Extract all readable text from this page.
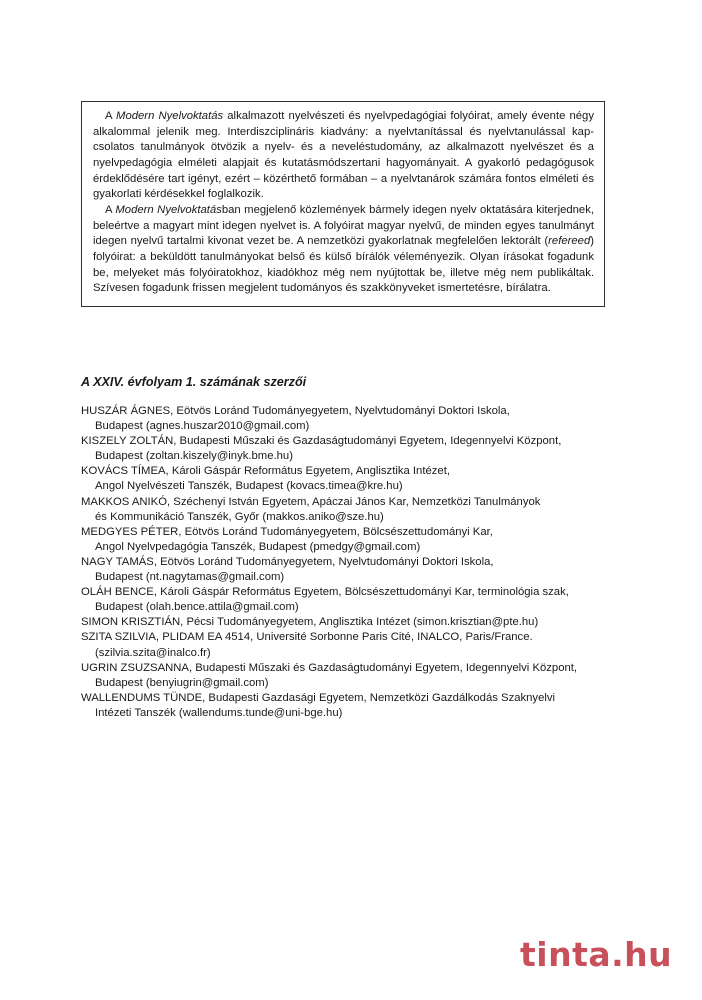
A Modern Nyelvoktatás alkalmazott nyelvészeti és nyelvpedagógiai folyóirat, amely évente négy alkalommal jelenik meg. Interdiszciplináris kiadvány: a nyelvtanítással és nyelvtanulással kapcsolatos tanulmányok ötvözik a nyelv- és a neveléstudomány, az alkalmazott nyelvészet és a nyelvpedagógia elméleti alapjait és kutatásmódszertani hagyományait. A gyakorló pedagógusok érdeklődésére tart igényt, ezért – közérthető formában – a nyelvtanárok számára fontos elméleti és gyakorlati kérdésekkel foglalkozik.

A Modern Nyelvoktatásban megjelenő közlemények bármely idegen nyelv oktatására kiterjednek, beleértve a magyart mint idegen nyelvet is. A folyóirat magyar nyelvű, de minden egyes tanulmányt idegen nyelvű tartalmi kivonat vezet be. A nemzetközi gyakorlatnak megfelelően lektorált (refereed) folyóirat: a beküldött tanulmányokat belső és külső bírálók véleményezik. Olyan írásokat fogadunk be, melyeket más folyóiratokhoz, kiadókhoz még nem nyújtottak be, illetve még nem publikáltak. Szívesen fogadunk frissen megjelent tudományos és szakkönyveket ismertetésre, bírálatra.

A XXIV. évfolyam 1. számának szerzői
HUSZÁR ÁGNES, Eötvös Loránd Tudományegyetem, Nyelvtudományi Doktori Iskola,
Budapest (agnes.huszar2010@gmail.com)
KISZELY ZOLTÁN, Budapesti Műszaki és Gazdaságtudományi Egyetem, Idegennyelvi Központ,
Budapest (zoltan.kiszely@inyk.bme.hu)
KOVÁCS TÍMEA, Károli Gáspár Református Egyetem, Anglisztika Intézet,
Angol Nyelvészeti Tanszék, Budapest (kovacs.timea@kre.hu)
MAKKOS ANIKÓ, Széchenyi István Egyetem, Apáczai János Kar, Nemzetközi Tanulmányok
és Kommunikáció Tanszék, Győr (makkos.aniko@sze.hu)
MEDGYES PÉTER, Eötvös Loránd Tudományegyetem, Bölcsészettudományi Kar,
Angol Nyelvpedagógia Tanszék, Budapest (pmedgy@gmail.com)
NAGY TAMÁS, Eötvös Loránd Tudományegyetem, Nyelvtudományi Doktori Iskola,
Budapest (nt.nagytamas@gmail.com)
OLÁH BENCE, Károli Gáspár Református Egyetem, Bölcsészettudományi Kar, terminológia szak,
Budapest (olah.bence.attila@gmail.com)
SIMON KRISZTIÁN, Pécsi Tudományegyetem, Anglisztika Intézet (simon.krisztian@pte.hu)
SZITA SZILVIA, PLIDAM EA 4514, Université Sorbonne Paris Cité, INALCO, Paris/France.
(szilvia.szita@inalco.fr)
UGRIN ZSUZSANNA, Budapesti Műszaki és Gazdaságtudományi Egyetem, Idegennyelvi Központ,
Budapest (benyiugrin@gmail.com)
WALLENDUMS TÜNDE, Budapesti Gazdasági Egyetem, Nemzetközi Gazdálkodás Szaknyelvi
Intézeti Tanszék (wallendums.tunde@uni-bge.hu)
tinta.hu
